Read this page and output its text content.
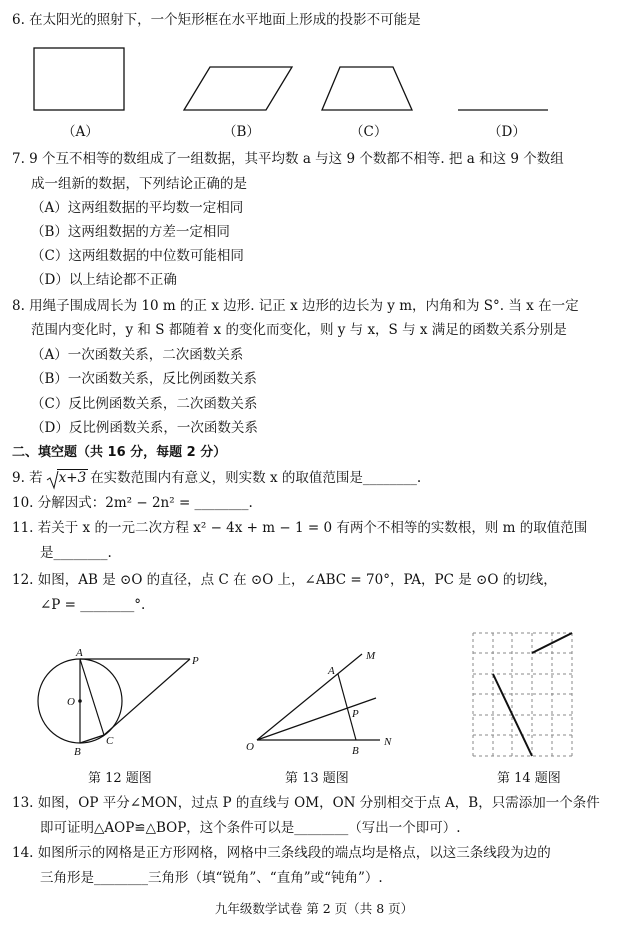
6. 在太阳光的照射下，一个矩形框在水平地面上形成的投影不可能是
（A）	（B）	（C）	（D）
7. 9 个互不相等的数组成了一组数据，其平均数 a 与这 9 个数都不相等. 把 a 和这 9 个数组
成一组新的数据，下列结论正确的是
（A）这两组数据的平均数一定相同
（B）这两组数据的方差一定相同
（C）这两组数据的中位数可能相同
（D）以上结论都不正确
8. 用绳子围成周长为 10 m 的正 x 边形. 记正 x 边形的边长为 y m，内角和为 S°. 当 x 在一定
范围内变化时，y 和 S 都随着 x 的变化而变化，则 y 与 x，S 与 x 满足的函数关系分别是
（A）一次函数关系，二次函数关系
（B）一次函数关系，反比例函数关系
（C）反比例函数关系，二次函数关系
（D）反比例函数关系，一次函数关系
二、填空题（共 16 分，每题 2 分）
9. 若 x+3 在实数范围内有意义，则实数 x 的取值范围是________.
10. 分解因式：2m² − 2n² = ________.
11. 若关于 x 的一元二次方程 x² − 4x + m − 1 = 0 有两个不相等的实数根，则 m 的取值范围
是________.
12. 如图，AB 是 ⊙O 的直径，点 C 在 ⊙O 上，∠ABC = 70°，PA，PC 是 ⊙O 的切线，
∠P = ________°.
A
B
C
O
P
O
A
B
M
N
P
第 12 题图	第 13 题图	第 14 题图
13. 如图，OP 平分∠MON，过点 P 的直线与 OM，ON 分别相交于点 A，B，只需添加一个条件
即可证明△AOP≌△BOP，这个条件可以是________（写出一个即可）.
14. 如图所示的网格是正方形网格，网格中三条线段的端点均是格点，以这三条线段为边的
三角形是________三角形（填“锐角”、“直角”或“钝角”）.
九年级数学试卷 第 2 页（共 8 页）
